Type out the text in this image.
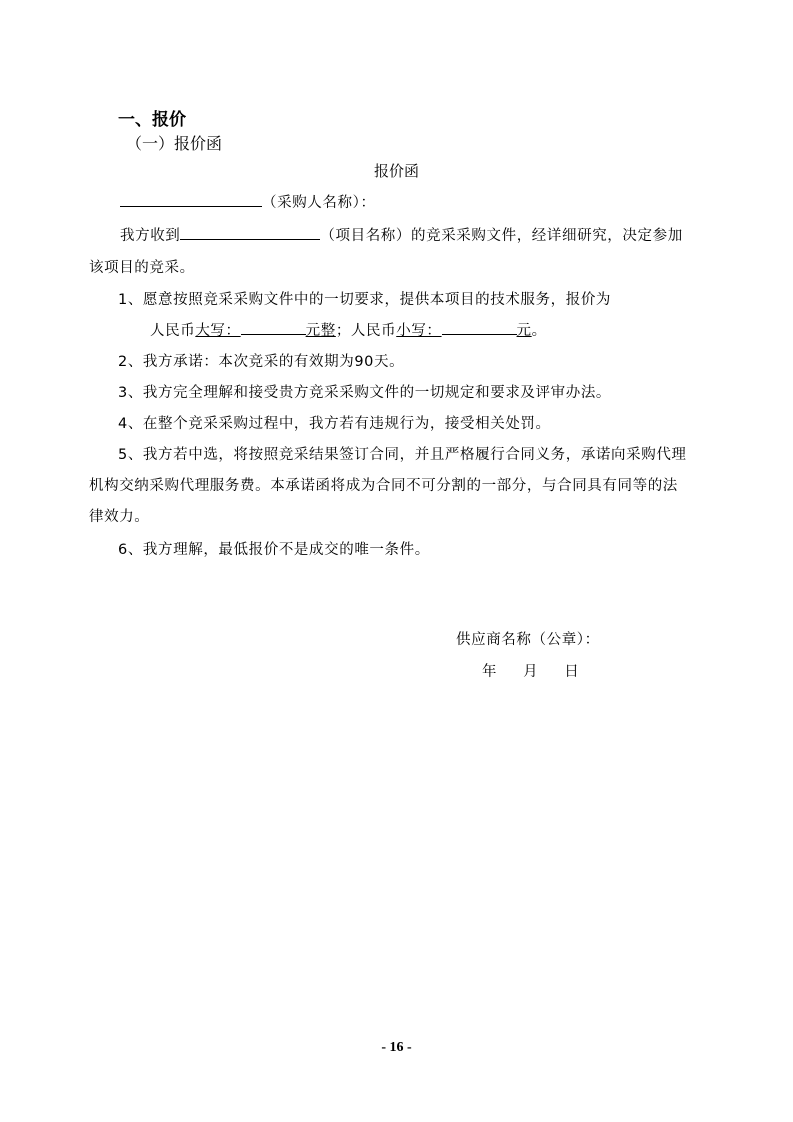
一、报价
（一）报价函
报价函
（采购人名称）：
我方收到	（项目名称）的竞采采购文件，经详细研究，决定参加
该项目的竞采。
1、愿意按照竞采采购文件中的一切要求，提供本项目的技术服务，报价为
人民币大写：	元整；人民币小写：	元。
2、我方承诺：本次竞采的有效期为90天。
3、我方完全理解和接受贵方竞采采购文件的一切规定和要求及评审办法。
4、在整个竞采采购过程中，我方若有违规行为，接受相关处罚。
5、我方若中选，将按照竞采结果签订合同，并且严格履行合同义务，承诺向采购代理
机构交纳采购代理服务费。本承诺函将成为合同不可分割的一部分，与合同具有同等的法
律效力。
6、我方理解，最低报价不是成交的唯一条件。
供应商名称（公章）：
年 月 日
- 16 -
